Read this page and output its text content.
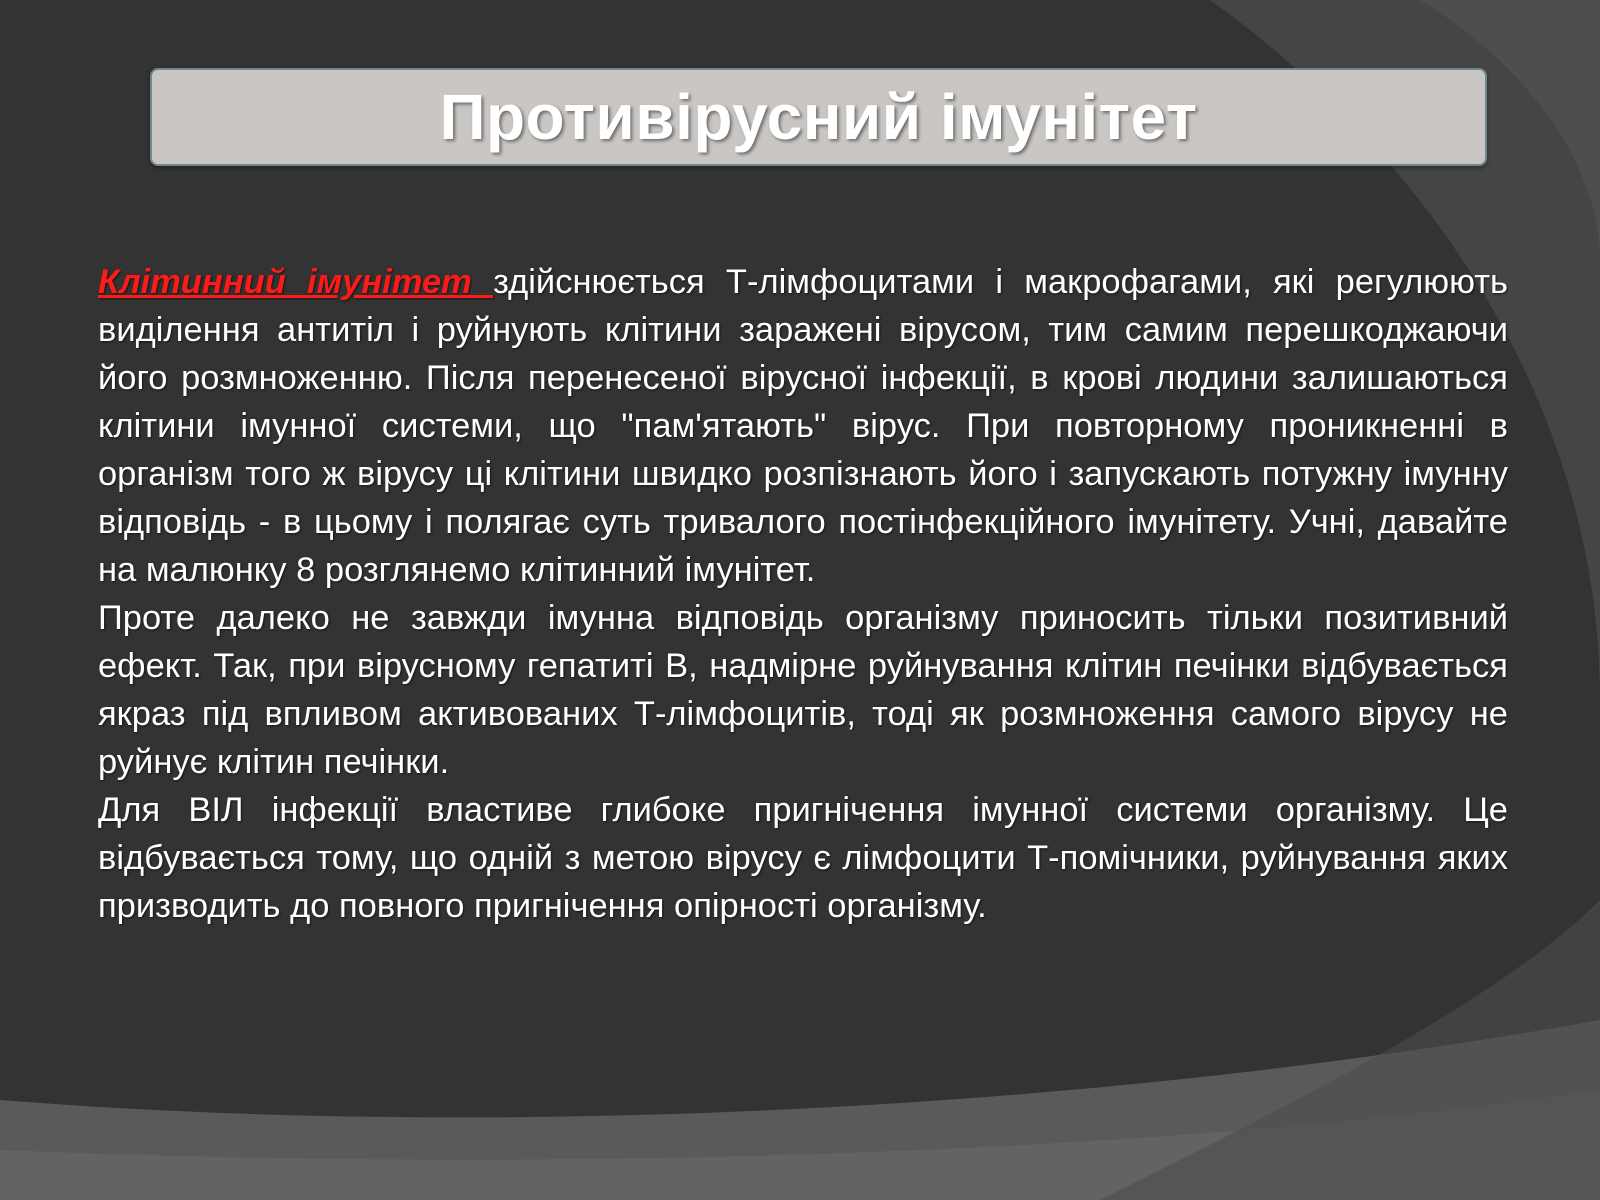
Противірусний імунітет

Клітинний імунітет здійснюється Т-лімфоцитами і макрофагами, які регулюють виділення антитіл і руйнують клітини заражені вірусом, тим самим перешкоджаючи його розмноженню. Після перенесеної вірусної інфекції, в крові людини залишаються клітини імунної системи, що "пам'ятають" вірус. При повторному проникненні в організм того ж вірусу ці клітини швидко розпізнають його і запускають потужну імунну відповідь - в цьому і полягає суть тривалого постінфекційного імунітету. Учні, давайте на малюнку 8 розглянемо клітинний імунітет.

Проте далеко не завжди імунна відповідь організму приносить тільки позитивний ефект. Так, при вірусному гепатиті В, надмірне руйнування клітин печінки відбувається якраз під впливом активованих Т-лімфоцитів, тоді як розмноження самого вірусу не руйнує клітин печінки.

Для ВІЛ інфекції властиве глибоке пригнічення імунної системи організму. Це відбувається тому, що одній з метою вірусу є лімфоцити Т-помічники, руйнування яких призводить до повного пригнічення опірності організму.
